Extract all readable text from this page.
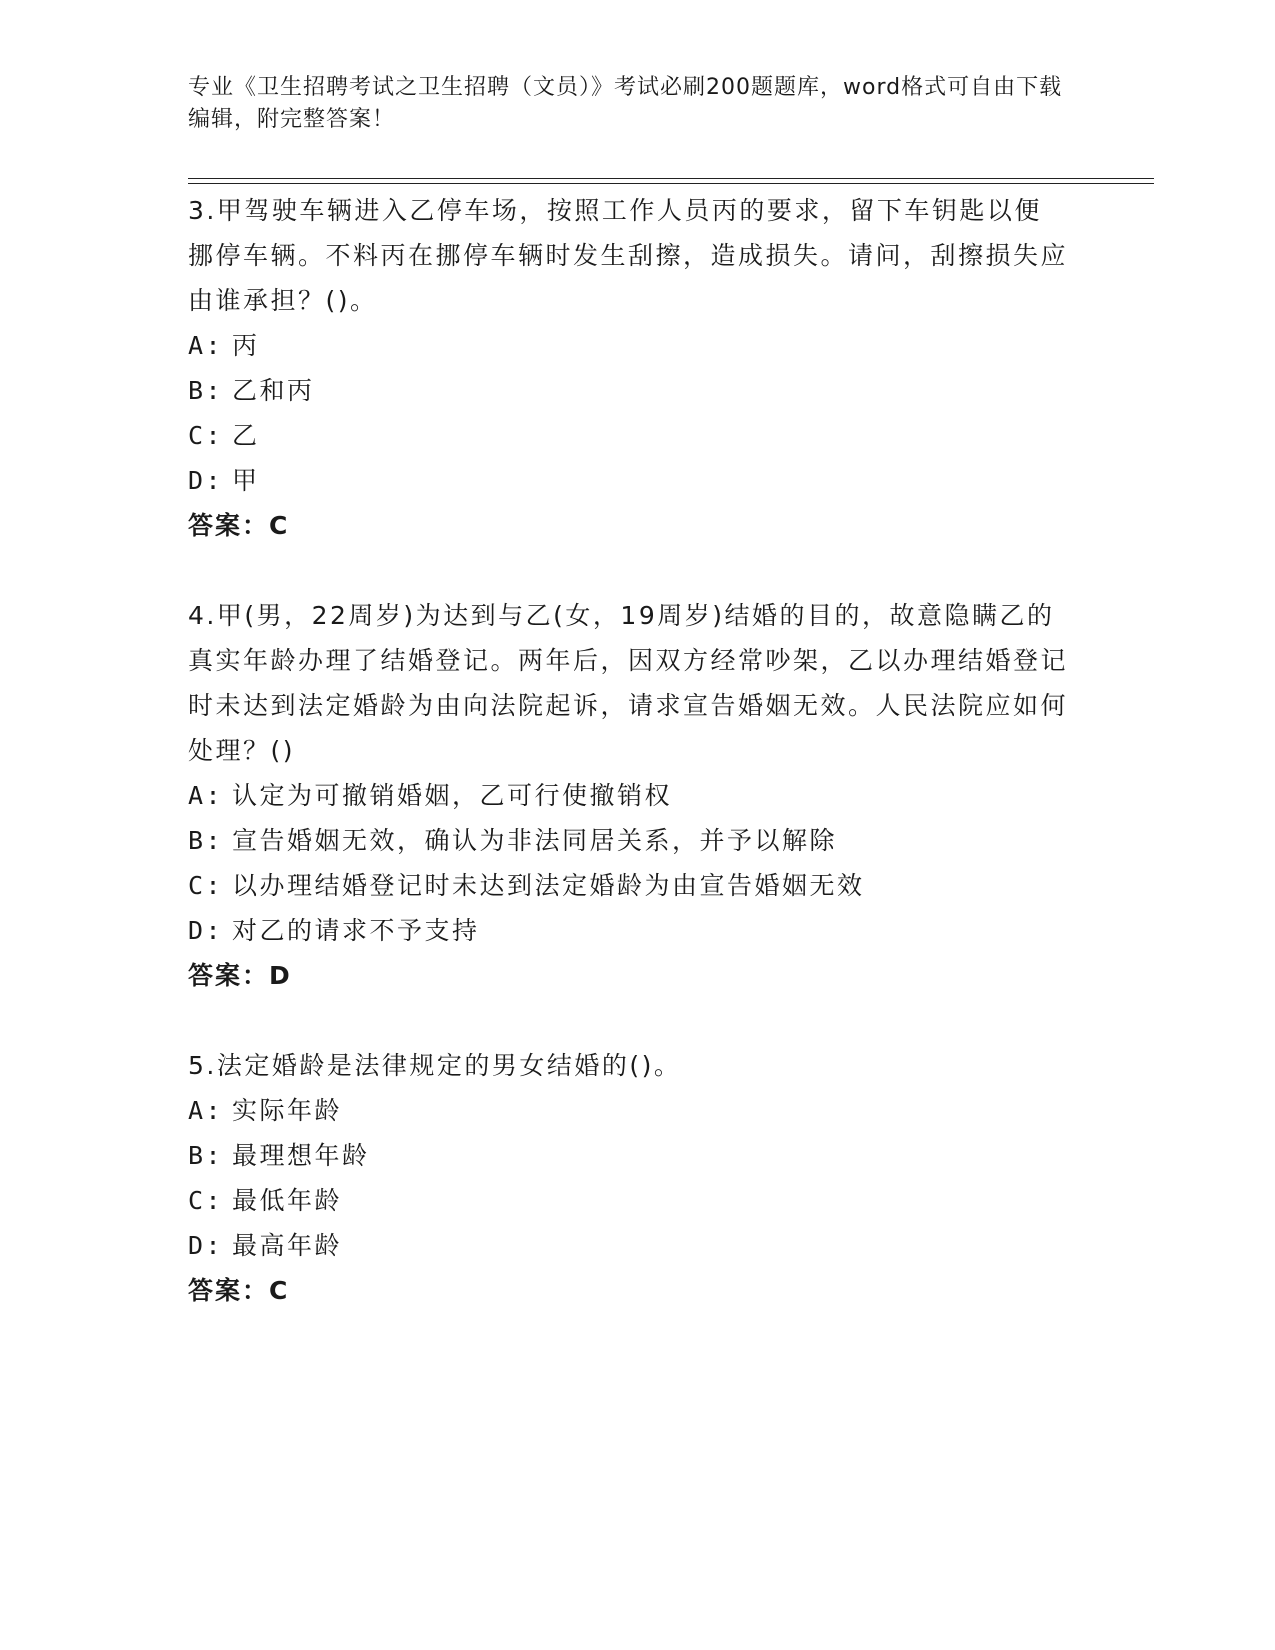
专业《卫生招聘考试之卫生招聘（文员）》考试必刷200题题库，word格式可自由下载编辑，附完整答案！

3.甲驾驶车辆进入乙停车场，按照工作人员丙的要求，留下车钥匙以便挪停车辆。不料丙在挪停车辆时发生刮擦，造成损失。请问，刮擦损失应由谁承担？()。

A: 丙
B: 乙和丙
C: 乙
D: 甲

答案：C

4.甲(男，22周岁)为达到与乙(女，19周岁)结婚的目的，故意隐瞒乙的真实年龄办理了结婚登记。两年后，因双方经常吵架，乙以办理结婚登记时未达到法定婚龄为由向法院起诉，请求宣告婚姻无效。人民法院应如何处理？()

A: 认定为可撤销婚姻，乙可行使撤销权
B: 宣告婚姻无效，确认为非法同居关系，并予以解除
C: 以办理结婚登记时未达到法定婚龄为由宣告婚姻无效
D: 对乙的请求不予支持

答案：D

5.法定婚龄是法律规定的男女结婚的()。

A: 实际年龄
B: 最理想年龄
C: 最低年龄
D: 最高年龄

答案：C
